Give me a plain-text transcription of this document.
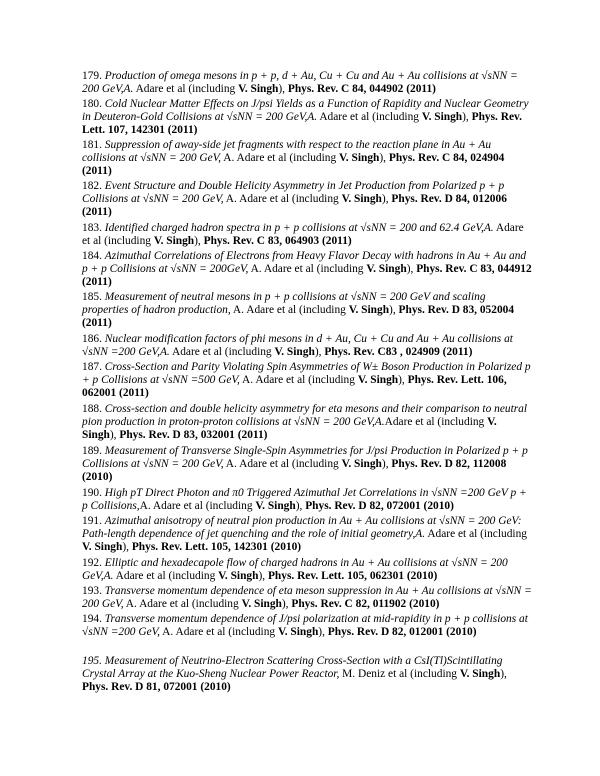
179. Production of omega mesons in p + p, d + Au, Cu + Cu and Au + Au collisions at √sNN = 200 GeV,A. Adare et al (including V. Singh), Phys. Rev. C 84, 044902 (2011)
180. Cold Nuclear Matter Effects on J/psi Yields as a Function of Rapidity and Nuclear Geometry in Deuteron-Gold Collisions at √sNN = 200 GeV,A. Adare et al (including V. Singh), Phys. Rev. Lett. 107, 142301 (2011)
181. Suppression of away-side jet fragments with respect to the reaction plane in Au + Au collisions at √sNN = 200 GeV, A. Adare et al (including V. Singh), Phys. Rev. C 84, 024904 (2011)
182. Event Structure and Double Helicity Asymmetry in Jet Production from Polarized p + p Collisions at √sNN = 200 GeV, A. Adare et al (including V. Singh), Phys. Rev. D 84, 012006 (2011)
183. Identified charged hadron spectra in p + p collisions at √sNN = 200 and 62.4 GeV,A. Adare et al (including V. Singh), Phys. Rev. C 83, 064903 (2011)
184. Azimuthal Correlations of Electrons from Heavy Flavor Decay with hadrons in Au + Au and p + p Collisions at √sNN = 200GeV, A. Adare et al (including V. Singh), Phys. Rev. C 83, 044912 (2011)
185. Measurement of neutral mesons in p + p collisions at √sNN = 200 GeV and scaling properties of hadron production, A. Adare et al (including V. Singh), Phys. Rev. D 83, 052004 (2011)
186. Nuclear modification factors of phi mesons in d + Au, Cu + Cu and Au + Au collisions at √sNN =200 GeV,A. Adare et al (including V. Singh), Phys. Rev. C83 , 024909 (2011)
187. Cross-Section and Parity Violating Spin Asymmetries of W± Boson Production in Polarized p + p Collisions at √sNN =500 GeV, A. Adare et al (including V. Singh), Phys. Rev. Lett. 106, 062001 (2011)
188. Cross-section and double helicity asymmetry for eta mesons and their comparison to neutral pion production in proton-proton collisions at √sNN = 200 GeV,A.Adare et al (including V. Singh), Phys. Rev. D 83, 032001 (2011)
189. Measurement of Transverse Single-Spin Asymmetries for J/psi Production in Polarized p + p Collisions at √sNN = 200 GeV, A. Adare et al (including V. Singh), Phys. Rev. D 82, 112008 (2010)
190. High pT Direct Photon and π0 Triggered Azimuthal Jet Correlations in √sNN =200 GeV p + p Collisions,A. Adare et al (including V. Singh), Phys. Rev. D 82, 072001 (2010)
191. Azimuthal anisotropy of neutral pion production in Au + Au collisions at √sNN = 200 GeV: Path-length dependence of jet quenching and the role of initial geometry,A. Adare et al (including V. Singh), Phys. Rev. Lett. 105, 142301 (2010)
192. Elliptic and hexadecapole flow of charged hadrons in Au + Au collisions at √sNN = 200 GeV,A. Adare et al (including V. Singh), Phys. Rev. Lett. 105, 062301 (2010)
193. Transverse momentum dependence of eta meson suppression in Au + Au collisions at √sNN = 200 GeV, A. Adare et al (including V. Singh), Phys. Rev. C 82, 011902 (2010)
194. Transverse momentum dependence of J/psi polarization at mid-rapidity in p + p collisions at √sNN =200 GeV, A. Adare et al (including V. Singh), Phys. Rev. D 82, 012001 (2010)
195. Measurement of Neutrino-Electron Scattering Cross-Section with a CsI(Tl)Scintillating Crystal Array at the Kuo-Sheng Nuclear Power Reactor, M. Deniz et al (including V. Singh), Phys. Rev. D 81, 072001 (2010)
